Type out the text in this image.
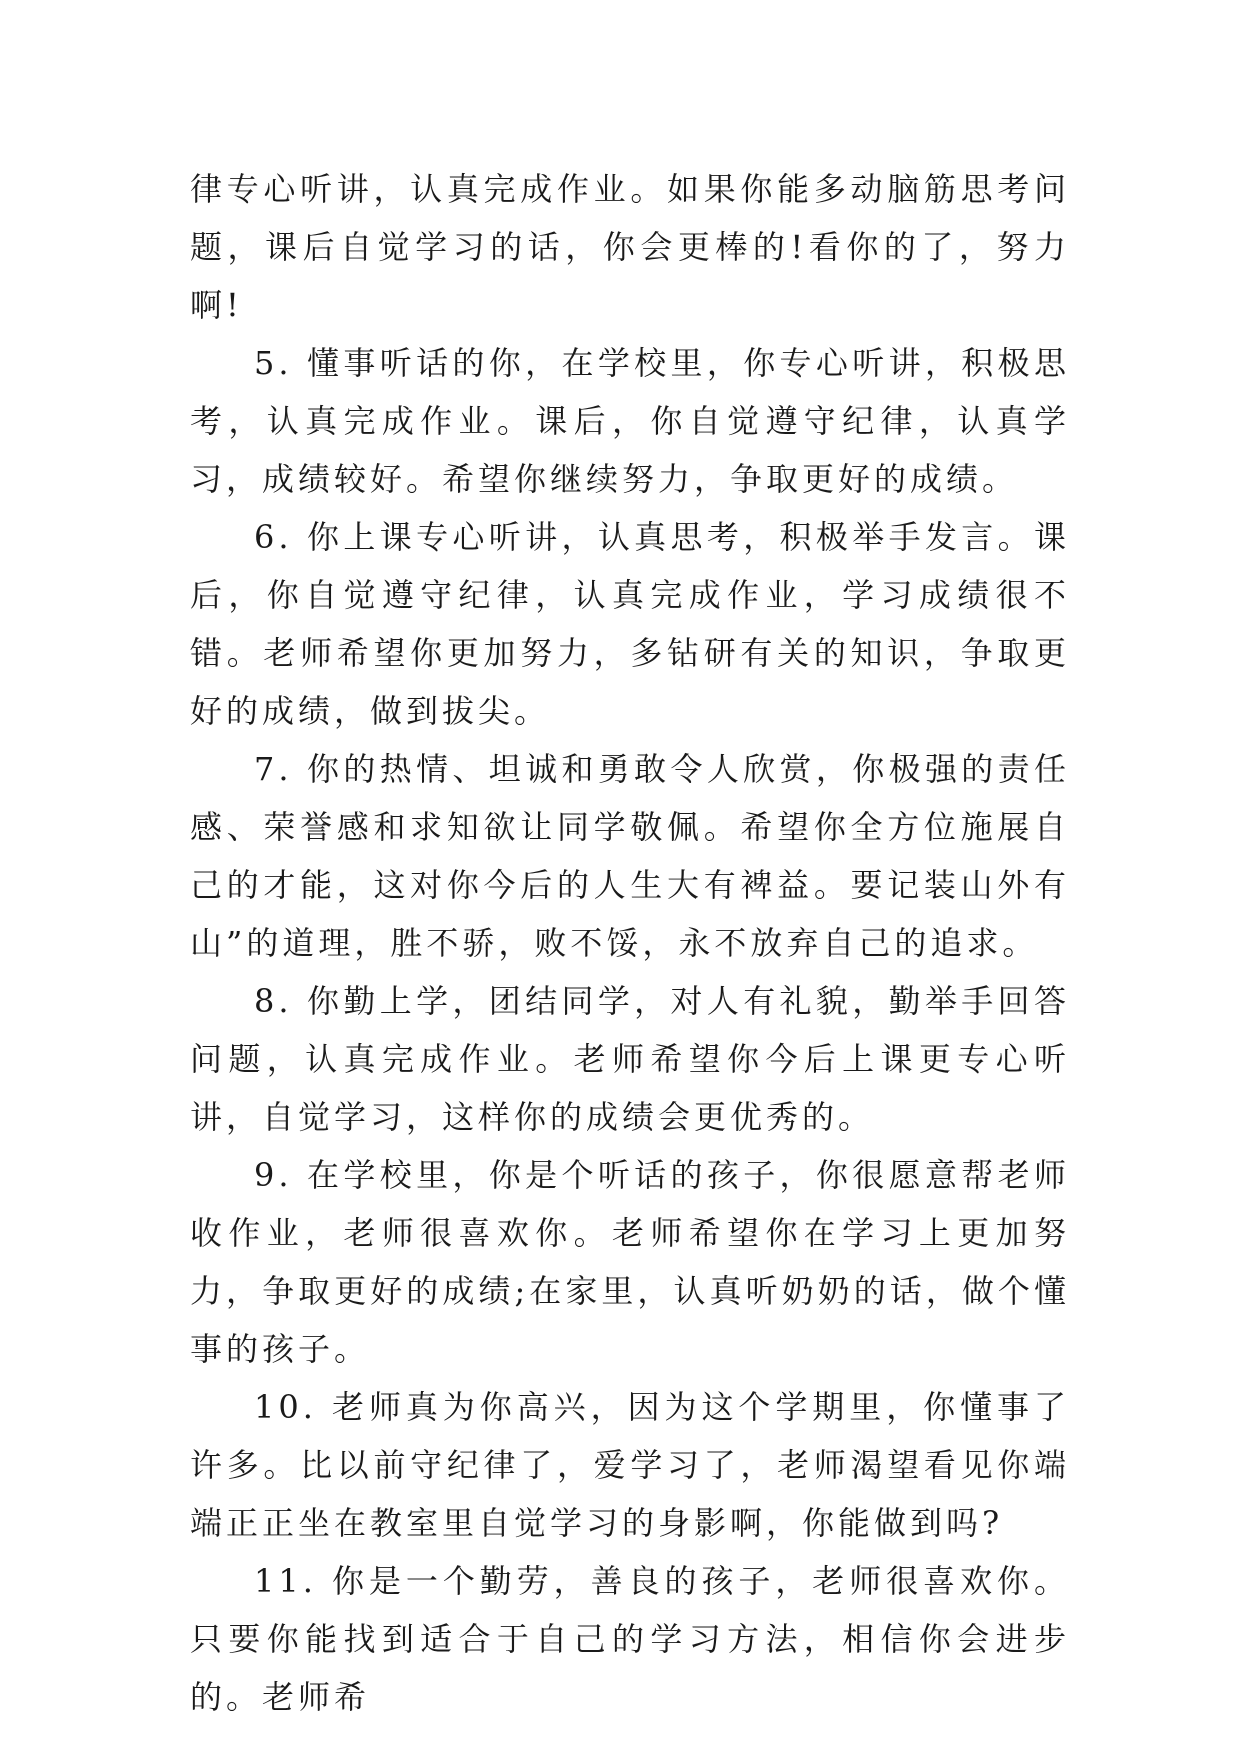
律专心听讲，认真完成作业。如果你能多动脑筋思考问题，课后自觉学习的话，你会更棒的!看你的了，努力啊!

5. 懂事听话的你，在学校里，你专心听讲，积极思考，认真完成作业。课后，你自觉遵守纪律，认真学习，成绩较好。希望你继续努力，争取更好的成绩。

6. 你上课专心听讲，认真思考，积极举手发言。课后，你自觉遵守纪律，认真完成作业，学习成绩很不错。老师希望你更加努力，多钻研有关的知识，争取更好的成绩，做到拔尖。

7. 你的热情、坦诚和勇敢令人欣赏，你极强的责任感、荣誉感和求知欲让同学敬佩。希望你全方位施展自己的才能，这对你今后的人生大有裨益。要记装山外有山”的道理，胜不骄，败不馁，永不放弃自己的追求。

8. 你勤上学，团结同学，对人有礼貌，勤举手回答问题，认真完成作业。老师希望你今后上课更专心听讲，自觉学习，这样你的成绩会更优秀的。

9. 在学校里，你是个听话的孩子，你很愿意帮老师收作业，老师很喜欢你。老师希望你在学习上更加努力，争取更好的成绩;在家里，认真听奶奶的话，做个懂事的孩子。

10. 老师真为你高兴，因为这个学期里，你懂事了许多。比以前守纪律了，爱学习了，老师渴望看见你端端正正坐在教室里自觉学习的身影啊，你能做到吗?

11. 你是一个勤劳，善良的孩子，老师很喜欢你。只要你能找到适合于自己的学习方法，相信你会进步的。老师希
